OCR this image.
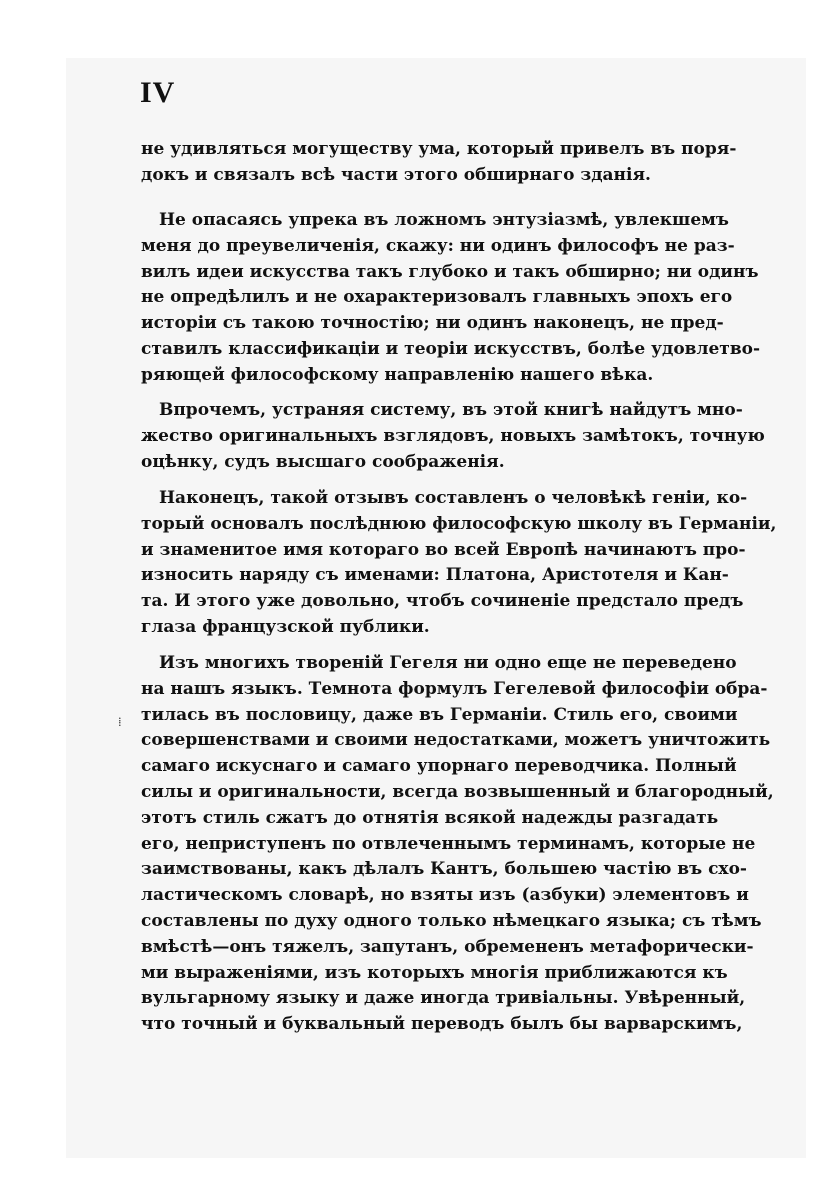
IV
⁞
не удивляться могуществу ума, который привелъ въ поря-
докъ и связалъ всѣ части этого обширнаго зданія.
Не опасаясь упрека въ ложномъ энтузіазмѣ, увлекшемъ
меня до преувеличенія, скажу: ни одинъ философъ не раз-
вилъ идеи искусства такъ глубоко и такъ обширно; ни одинъ
не опредѣлилъ и не охарактеризовалъ главныхъ эпохъ его
исторіи съ такою точностію; ни одинъ наконецъ, не пред-
ставилъ классификаціи и теоріи искусствъ, болѣе удовлетво-
ряющей философскому направленію нашего вѣка.
Впрочемъ, устраняя систему, въ этой книгѣ найдутъ мно-
жество оригинальныхъ взглядовъ, новыхъ замѣтокъ, точную
оцѣнку, судъ высшаго соображенія.
Наконецъ, такой отзывъ составленъ о человѣкѣ геніи, ко-
торый основалъ послѣднюю философскую школу въ Германіи,
и знаменитое имя котораго во всей Европѣ начинаютъ про-
износить наряду съ именами: Платона, Аристотеля и Кан-
та. И этого уже довольно, чтобъ сочиненіе предстало предъ
глаза французской публики.
Изъ многихъ твореній Гегеля ни одно еще не переведено
на нашъ языкъ. Темнота формулъ Гегелевой философіи обра-
тилась въ пословицу, даже въ Германіи. Стиль его, своими
совершенствами и своими недостатками, можетъ уничтожить
самаго искуснаго и самаго упорнаго переводчика. Полный
силы и оригинальности, всегда возвышенный и благородный,
этотъ стиль сжатъ до отнятія всякой надежды разгадать
его, неприступенъ по отвлеченнымъ терминамъ, которые не
заимствованы, какъ дѣлалъ Кантъ, большею частію въ схо-
ластическомъ словарѣ, но взяты изъ (азбуки) элементовъ и
составлены по духу одного только нѣмецкаго языка; съ тѣмъ
вмѣстѣ—онъ тяжелъ, запутанъ, обремененъ метафорически-
ми выраженіями, изъ которыхъ многія приближаются къ
вульгарному языку и даже иногда тривіальны. Увѣренный,
что точный и буквальный переводъ былъ бы варварскимъ,
